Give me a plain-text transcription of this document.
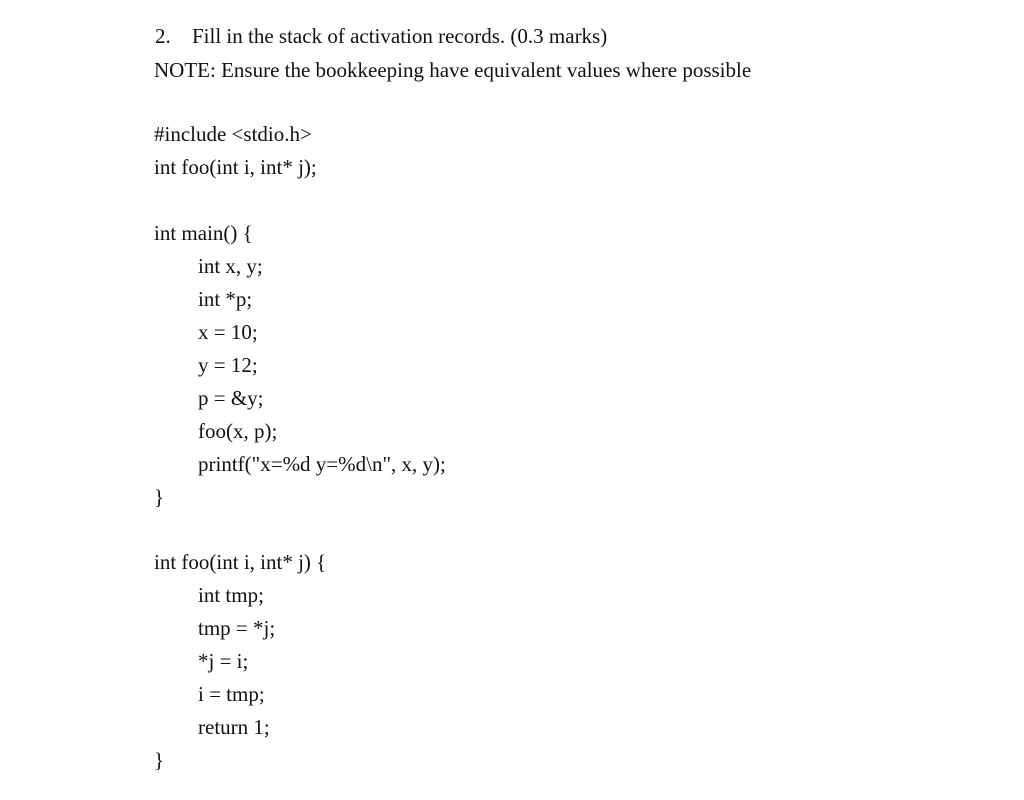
2. Fill in the stack of activation records. (0.3 marks)
NOTE: Ensure the bookkeeping have equivalent values where possible
#include <stdio.h>
int foo(int i, int* j);
int main() {
int x, y;
int *p;
x = 10;
y = 12;
p = &y;
foo(x, p);
printf("x=%d y=%d\n", x, y);
}
int foo(int i, int* j) {
int tmp;
tmp = *j;
*j = i;
i = tmp;
return 1;
}
